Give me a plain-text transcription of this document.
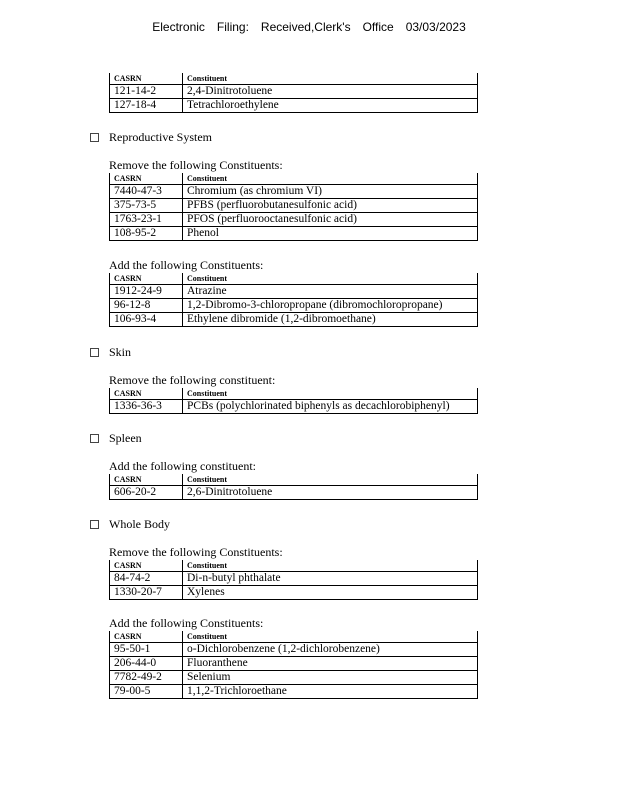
Electronic Filing: Received,Clerk's Office 03/03/2023
CASRN	Constituent
121-14-2	2,4-Dinitrotoluene
127-18-4	Tetrachloroethylene
Reproductive System
Remove the following Constituents:
CASRN	Constituent
7440-47-3	Chromium (as chromium VI)
375-73-5	PFBS (perfluorobutanesulfonic acid)
1763-23-1	PFOS (perfluorooctanesulfonic acid)
108-95-2	Phenol
Add the following Constituents:
CASRN	Constituent
1912-24-9	Atrazine
96-12-8	1,2-Dibromo-3-chloropropane (dibromochloropropane)
106-93-4	Ethylene dibromide (1,2-dibromoethane)
Skin
Remove the following constituent:
CASRN	Constituent
1336-36-3	PCBs (polychlorinated biphenyls as decachlorobiphenyl)
Spleen
Add the following constituent:
CASRN	Constituent
606-20-2	2,6-Dinitrotoluene
Whole Body
Remove the following Constituents:
CASRN	Constituent
84-74-2	Di-n-butyl phthalate
1330-20-7	Xylenes
Add the following Constituents:
CASRN	Constituent
95-50-1	o-Dichlorobenzene (1,2-dichlorobenzene)
206-44-0	Fluoranthene
7782-49-2	Selenium
79-00-5	1,1,2-Trichloroethane
